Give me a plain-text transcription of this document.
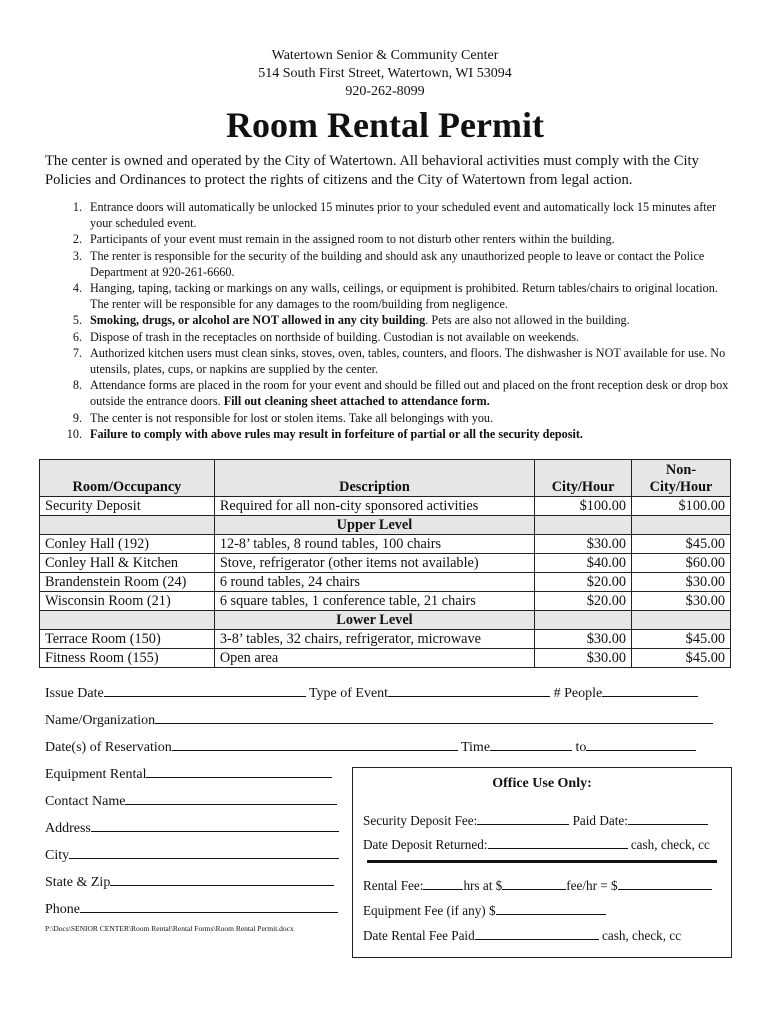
Watertown Senior & Community Center
514 South First Street, Watertown, WI 53094
920-262-8099
Room Rental Permit
The center is owned and operated by the City of Watertown. All behavioral activities must comply with the City Policies and Ordinances to protect the rights of citizens and the City of Watertown from legal action.
1. Entrance doors will automatically be unlocked 15 minutes prior to your scheduled event and automatically lock 15 minutes after your scheduled event.
2. Participants of your event must remain in the assigned room to not disturb other renters within the building.
3. The renter is responsible for the security of the building and should ask any unauthorized people to leave or contact the Police Department at 920-261-6660.
4. Hanging, taping, tacking or markings on any walls, ceilings, or equipment is prohibited. Return tables/chairs to original location. The renter will be responsible for any damages to the room/building from negligence.
5. Smoking, drugs, or alcohol are NOT allowed in any city building. Pets are also not allowed in the building.
6. Dispose of trash in the receptacles on northside of building. Custodian is not available on weekends.
7. Authorized kitchen users must clean sinks, stoves, oven, tables, counters, and floors. The dishwasher is NOT available for use. No utensils, plates, cups, or napkins are supplied by the center.
8. Attendance forms are placed in the room for your event and should be filled out and placed on the front reception desk or drop box outside the entrance doors. Fill out cleaning sheet attached to attendance form.
9. The center is not responsible for lost or stolen items. Take all belongings with you.
10. Failure to comply with above rules may result in forfeiture of partial or all the security deposit.
Room/Occupancy	Description	City/Hour	Non-
City/Hour
Security Deposit	Required for all non-city sponsored activities	$100.00	$100.00
	Upper Level		
Conley Hall (192)	12-8’ tables, 8 round tables, 100 chairs	$30.00	$45.00
Conley Hall & Kitchen	Stove, refrigerator (other items not available)	$40.00	$60.00
Brandenstein Room (24)	6 round tables, 24 chairs	$20.00	$30.00
Wisconsin Room (21)	6 square tables, 1 conference table, 21 chairs	$20.00	$30.00
	Lower Level		
Terrace Room (150)	3-8’ tables, 32 chairs, refrigerator, microwave	$30.00	$45.00
Fitness Room (155)	Open area	$30.00	$45.00
Issue Date	Type of Event	# People
Name/Organization
Date(s) of Reservation	Time	to
Equipment Rental
Contact Name
Address
City
State & Zip
Phone
P:\Docs\SENIOR CENTER\Room Rental\Rental Forms\Room Rental Permit.docx
Office Use Only:
Security Deposit Fee:	Paid Date:
Date Deposit Returned:	cash, check, cc
Rental Fee:	hrs at $	fee/hr = $
Equipment Fee (if any) $
Date Rental Fee Paid	cash, check, cc
